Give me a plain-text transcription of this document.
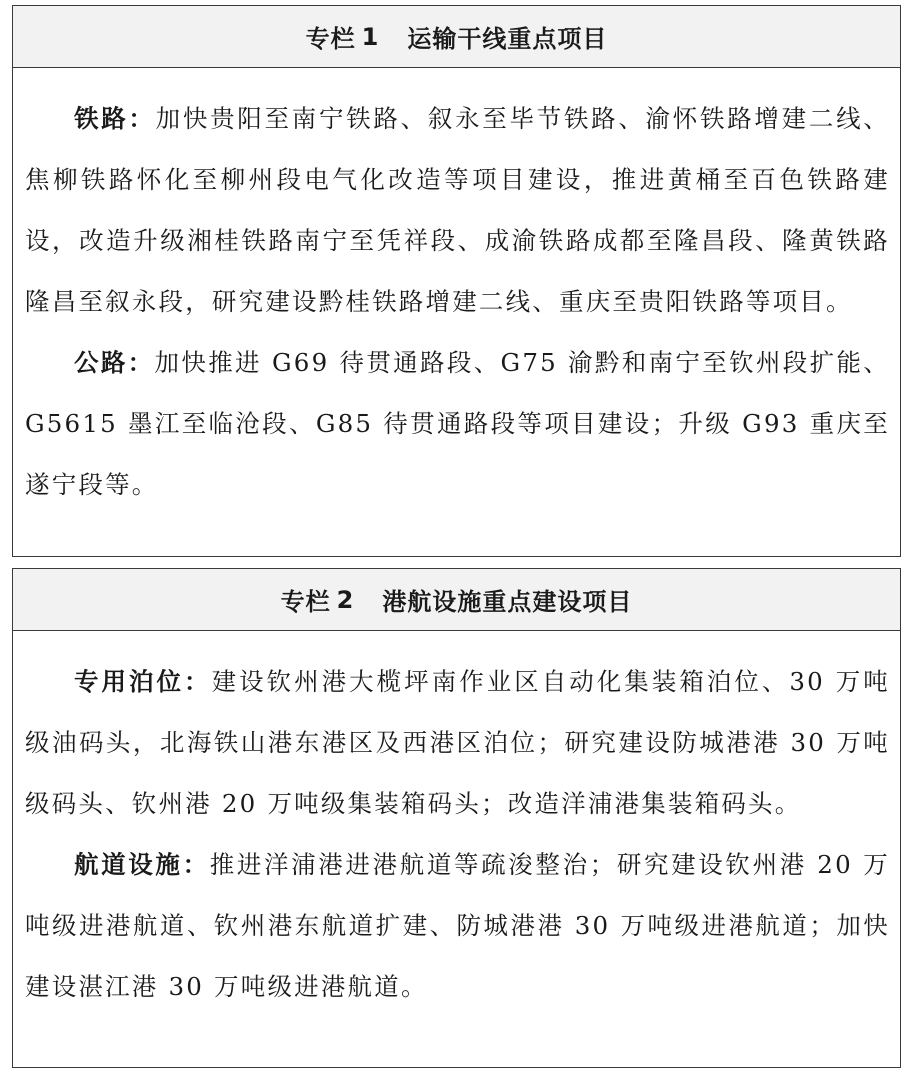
专栏 1 运输干线重点项目

铁路：加快贵阳至南宁铁路、叙永至毕节铁路、渝怀铁路增建二线、焦柳铁路怀化至柳州段电气化改造等项目建设，推进黄桶至百色铁路建设，改造升级湘桂铁路南宁至凭祥段、成渝铁路成都至隆昌段、隆黄铁路隆昌至叙永段，研究建设黔桂铁路增建二线、重庆至贵阳铁路等项目。

公路：加快推进 G69 待贯通路段、G75 渝黔和南宁至钦州段扩能、G5615 墨江至临沧段、G85 待贯通路段等项目建设；升级 G93 重庆至遂宁段等。

专栏 2 港航设施重点建设项目

专用泊位：建设钦州港大榄坪南作业区自动化集装箱泊位、30 万吨级油码头，北海铁山港东港区及西港区泊位；研究建设防城港港 30 万吨级码头、钦州港 20 万吨级集装箱码头；改造洋浦港集装箱码头。

航道设施：推进洋浦港进港航道等疏浚整治；研究建设钦州港 20 万吨级进港航道、钦州港东航道扩建、防城港港 30 万吨级进港航道；加快建设湛江港 30 万吨级进港航道。
